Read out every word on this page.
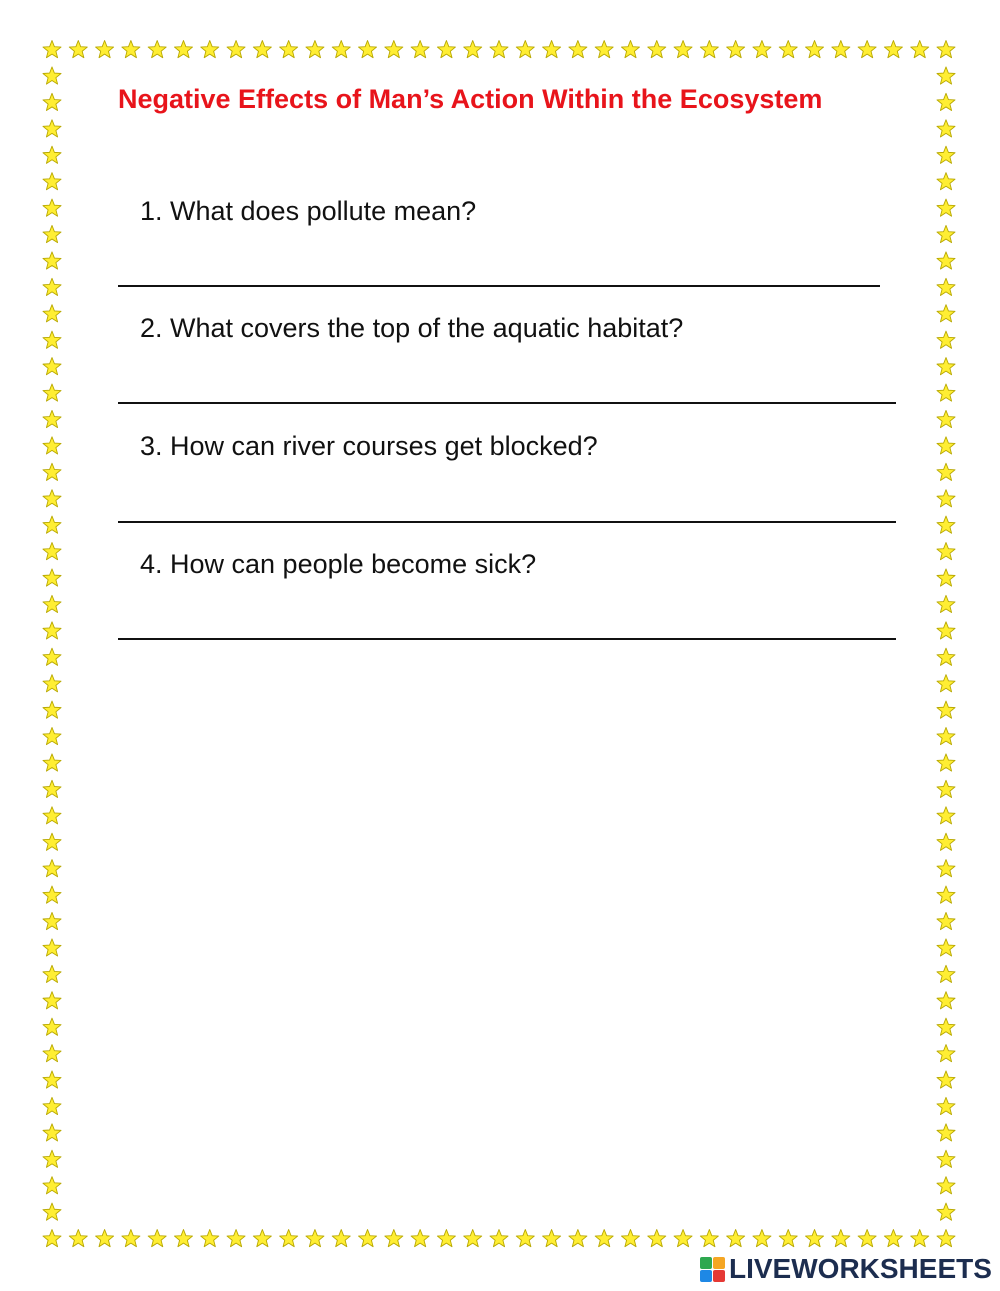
Negative Effects of Man’s Action Within the Ecosystem
1. What does pollute mean?
2. What covers the top of the aquatic habitat?
3. How can river courses get blocked?
4. How can people become sick?
LIVEWORKSHEETS
